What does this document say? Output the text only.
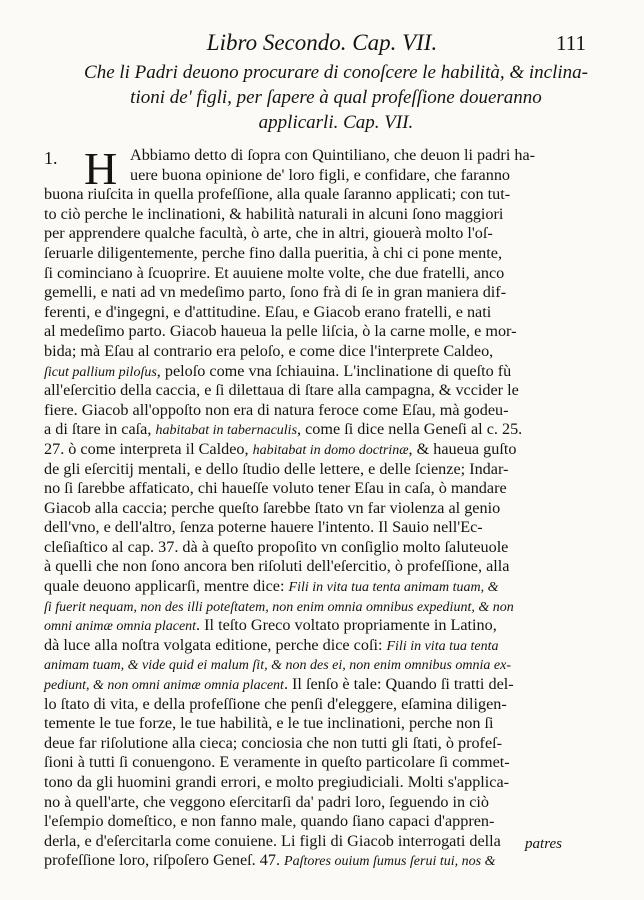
Libro Secondo. Cap. VII.	111
Che li Padri deuono procurare di conoſcere le habilità, & inclina-
tioni de' figli, per ſapere à qual profeſſione doueranno
applicarli. Cap. VII.
1. H Abbiamo detto di ſopra con Quintiliano, che deuon li padri ha-
uere buona opinione de' loro figli, e confidare, che faranno
buona riuſcita in quella profeſſione, alla quale ſaranno applicati; con tut-
to ciò perche le inclinationi, & habilità naturali in alcuni ſono maggiori
per apprendere qualche facultà, ò arte, che in altri, giouerà molto l'oſ-
ſeruarle diligentemente, perche fino dalla pueritia, à chi ci pone mente,
ſi cominciano à ſcuoprire. Et auuiene molte volte, che due fratelli, anco
gemelli, e nati ad vn medeſimo parto, ſono frà di ſe in gran maniera dif-
ferenti, e d'ingegni, e d'attitudine. Eſau, e Giacob erano fratelli, e nati
al medeſimo parto. Giacob haueua la pelle liſcia, ò la carne molle, e mor-
bida; mà Eſau al contrario era peloſo, e come dice l'interprete Caldeo,
ſicut pallium piloſus, peloſo come vna ſchiauina. L'inclinatione di queſto fù
all'eſercitio della caccia, e ſi dilettaua di ſtare alla campagna, & vccider le
fiere. Giacob all'oppoſto non era di natura feroce come Eſau, mà godeu-
a di ſtare in caſa, habitabat in tabernaculis, come ſi dice nella Geneſi al c. 25.
27. ò come interpreta il Caldeo, habitabat in domo doctrinæ, & haueua guſto
de gli eſercitij mentali, e dello ſtudio delle lettere, e delle ſcienze; Indar-
no ſi ſarebbe affaticato, chi haueſſe voluto tener Eſau in caſa, ò mandare
Giacob alla caccia; perche queſto ſarebbe ſtato vn far violenza al genio
dell'vno, e dell'altro, ſenza poterne hauere l'intento. Il Sauio nell'Ec-
cleſiaſtico al cap. 37. dà à queſto propoſito vn conſiglio molto ſaluteuole
à quelli che non ſono ancora ben riſoluti dell'eſercitio, ò profeſſione, alla
quale deuono applicarſi, mentre dice: Fili in vita tua tenta animam tuam, &
ſi fuerit nequam, non des illi poteſtatem, non enim omnia omnibus expediunt, & non
omni animæ omnia placent. Il teſto Greco voltato propriamente in Latino,
dà luce alla noſtra volgata editione, perche dice coſi: Fili in vita tua tenta
animam tuam, & vide quid ei malum ſit, & non des ei, non enim omnibus omnia ex-
pediunt, & non omni animæ omnia placent. Il ſenſo è tale: Quando ſi tratti del-
lo ſtato di vita, e della profeſſione che penſi d'eleggere, eſamina diligen-
temente le tue forze, le tue habilità, e le tue inclinationi, perche non ſi
deue far riſolutione alla cieca; conciosia che non tutti gli ſtati, ò profeſ-
ſioni à tutti ſi conuengono. E veramente in queſto particolare ſi commet-
tono da gli huomini grandi errori, e molto pregiudiciali. Molti s'applica-
no à quell'arte, che veggono eſercitarſi da' padri loro, ſeguendo in ciò
l'eſempio domeſtico, e non fanno male, quando ſiano capaci d'appren-
derla, e d'eſercitarla come conuiene. Li figli di Giacob interrogati della
profeſſione loro, riſpoſero Geneſ. 47. Paſtores ouium ſumus ſerui tui, nos &
patres
